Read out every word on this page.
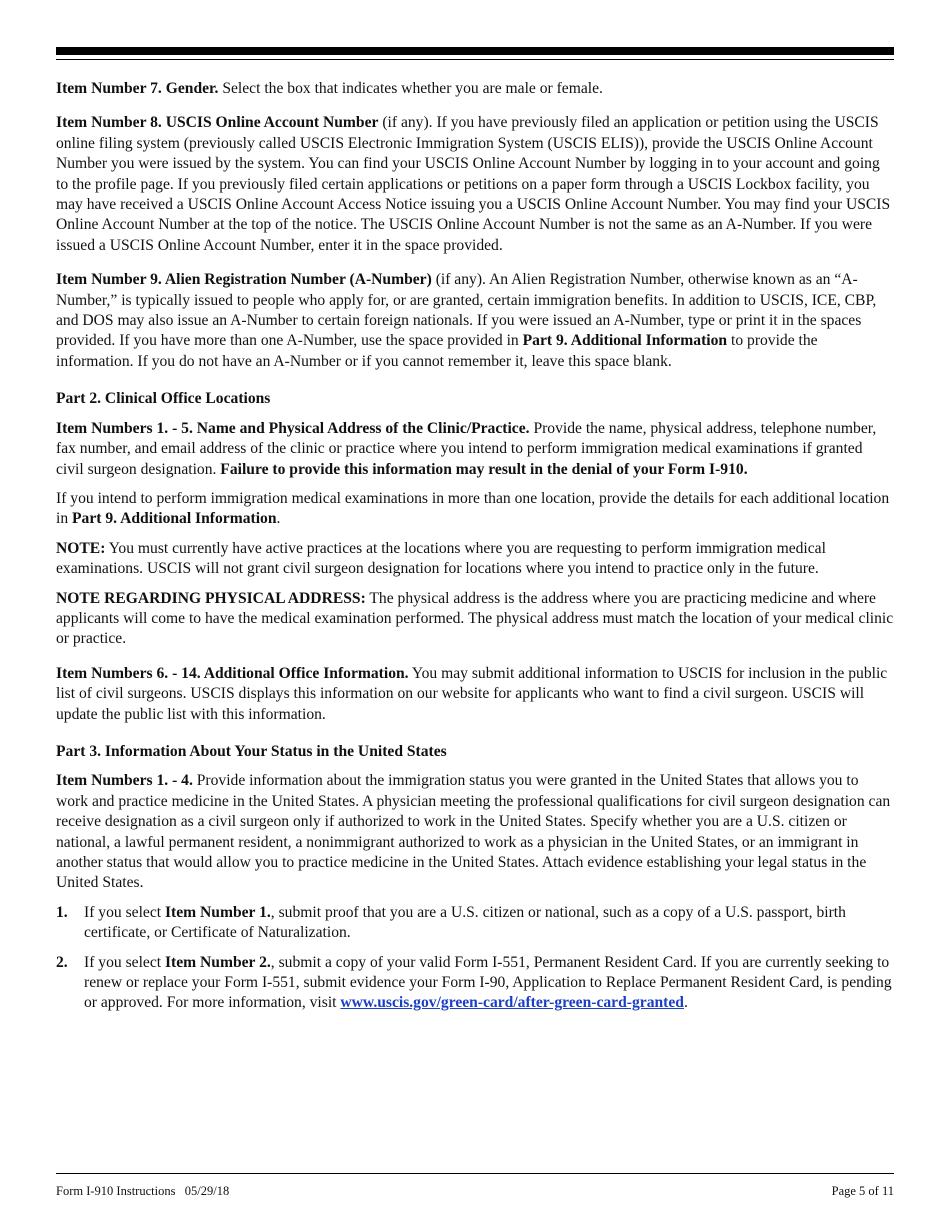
Item Number 7. Gender. Select the box that indicates whether you are male or female.

Item Number 8. USCIS Online Account Number (if any). If you have previously filed an application or petition using the USCIS online filing system (previously called USCIS Electronic Immigration System (USCIS ELIS)), provide the USCIS Online Account Number you were issued by the system. You can find your USCIS Online Account Number by logging in to your account and going to the profile page. If you previously filed certain applications or petitions on a paper form through a USCIS Lockbox facility, you may have received a USCIS Online Account Access Notice issuing you a USCIS Online Account Number. You may find your USCIS Online Account Number at the top of the notice. The USCIS Online Account Number is not the same as an A-Number. If you were issued a USCIS Online Account Number, enter it in the space provided.

Item Number 9. Alien Registration Number (A-Number) (if any). An Alien Registration Number, otherwise known as an “A-Number,” is typically issued to people who apply for, or are granted, certain immigration benefits. In addition to USCIS, ICE, CBP, and DOS may also issue an A-Number to certain foreign nationals. If you were issued an A-Number, type or print it in the spaces provided. If you have more than one A-Number, use the space provided in Part 9. Additional Information to provide the information. If you do not have an A-Number or if you cannot remember it, leave this space blank.

Part 2. Clinical Office Locations

Item Numbers 1. - 5. Name and Physical Address of the Clinic/Practice. Provide the name, physical address, telephone number, fax number, and email address of the clinic or practice where you intend to perform immigration medical examinations if granted civil surgeon designation. Failure to provide this information may result in the denial of your Form I-910.

If you intend to perform immigration medical examinations in more than one location, provide the details for each additional location in Part 9. Additional Information.

NOTE: You must currently have active practices at the locations where you are requesting to perform immigration medical examinations. USCIS will not grant civil surgeon designation for locations where you intend to practice only in the future.

NOTE REGARDING PHYSICAL ADDRESS: The physical address is the address where you are practicing medicine and where applicants will come to have the medical examination performed. The physical address must match the location of your medical clinic or practice.

Item Numbers 6. - 14. Additional Office Information. You may submit additional information to USCIS for inclusion in the public list of civil surgeons. USCIS displays this information on our website for applicants who want to find a civil surgeon. USCIS will update the public list with this information.

Part 3. Information About Your Status in the United States

Item Numbers 1. - 4. Provide information about the immigration status you were granted in the United States that allows you to work and practice medicine in the United States. A physician meeting the professional qualifications for civil surgeon designation can receive designation as a civil surgeon only if authorized to work in the United States. Specify whether you are a U.S. citizen or national, a lawful permanent resident, a nonimmigrant authorized to work as a physician in the United States, or an immigrant in another status that would allow you to practice medicine in the United States. Attach evidence establishing your legal status in the United States.

1.	If you select Item Number 1., submit proof that you are a U.S. citizen or national, such as a copy of a U.S. passport, birth certificate, or Certificate of Naturalization.
2.	If you select Item Number 2., submit a copy of your valid Form I-551, Permanent Resident Card. If you are currently seeking to renew or replace your Form I-551, submit evidence your Form I-90, Application to Replace Permanent Resident Card, is pending or approved. For more information, visit www.uscis.gov/green-card/after-green-card-granted.
Form I-910 Instructions   05/29/18	Page 5 of 11
